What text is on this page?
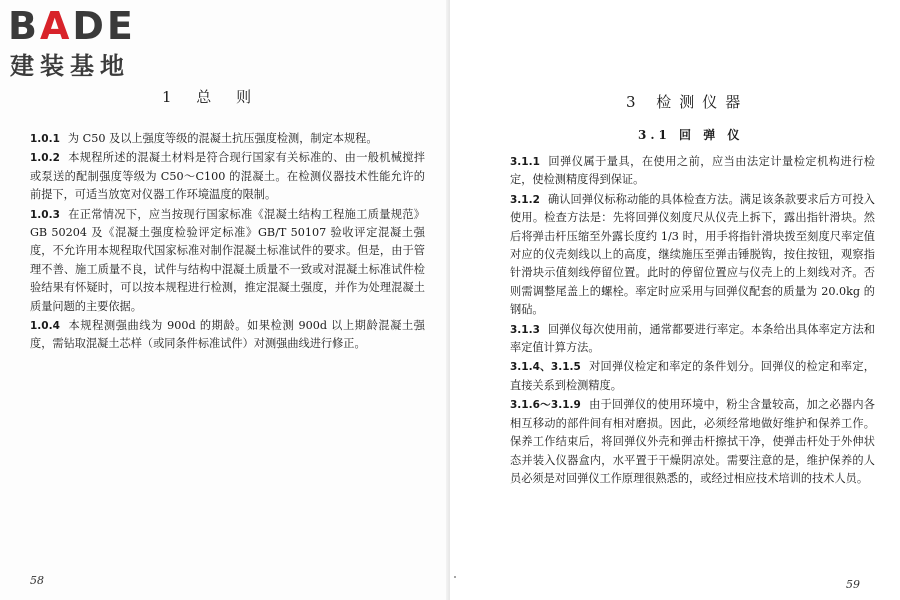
BADE
建装基地
1 总 则

1.0.1 为 C50 及以上强度等级的混凝土抗压强度检测，制定本规程。

1.0.2 本规程所述的混凝土材料是符合现行国家有关标准的、由一般机械搅拌或泵送的配制强度等级为 C50～C100 的混凝土。在检测仪器技术性能允许的前提下，可适当放宽对仪器工作环境温度的限制。

1.0.3 在正常情况下，应当按现行国家标准《混凝土结构工程施工质量规范》GB 50204 及《混凝土强度检验评定标准》GB/T 50107 验收评定混凝土强度，不允许用本规程取代国家标准对制作混凝土标准试件的要求。但是，由于管理不善、施工质量不良，试件与结构中混凝土质量不一致或对混凝土标准试件检验结果有怀疑时，可以按本规程进行检测，推定混凝土强度，并作为处理混凝土质量问题的主要依据。

1.0.4 本规程测强曲线为 900d 的期龄。如果检测 900d 以上期龄混凝土强度，需钻取混凝土芯样（或同条件标准试件）对测强曲线进行修正。

58	59
3 检测仪器
3.1 回 弹 仪

3.1.1 回弹仪属于量具，在使用之前，应当由法定计量检定机构进行检定，使检测精度得到保证。

3.1.2 确认回弹仪标称动能的具体检查方法。满足该条款要求后方可投入使用。检查方法是：先将回弹仪刻度尺从仪壳上拆下，露出指针滑块。然后将弹击杆压缩至外露长度约 1/3 时，用手将指针滑块拨至刻度尺率定值对应的仪壳刻线以上的高度，继续施压至弹击锤脱钩，按住按钮，观察指针滑块示值刻线停留位置。此时的停留位置应与仪壳上的上刻线对齐。否则需调整尾盖上的螺栓。率定时应采用与回弹仪配套的质量为 20.0kg 的钢砧。

3.1.3 回弹仪每次使用前，通常都要进行率定。本条给出具体率定方法和率定值计算方法。

3.1.4、3.1.5 对回弹仪检定和率定的条件划分。回弹仪的检定和率定，直接关系到检测精度。

3.1.6～3.1.9 由于回弹仪的使用环境中，粉尘含量较高，加之必器内各相互移动的部件间有相对磨损。因此，必须经常地做好维护和保养工作。保养工作结束后，将回弹仪外壳和弹击杆擦拭干净，使弹击杆处于外伸状态并装入仪器盒内，水平置于干燥阴凉处。需要注意的是，维护保养的人员必须是对回弹仪工作原理很熟悉的，或经过相应技术培训的技术人员。
